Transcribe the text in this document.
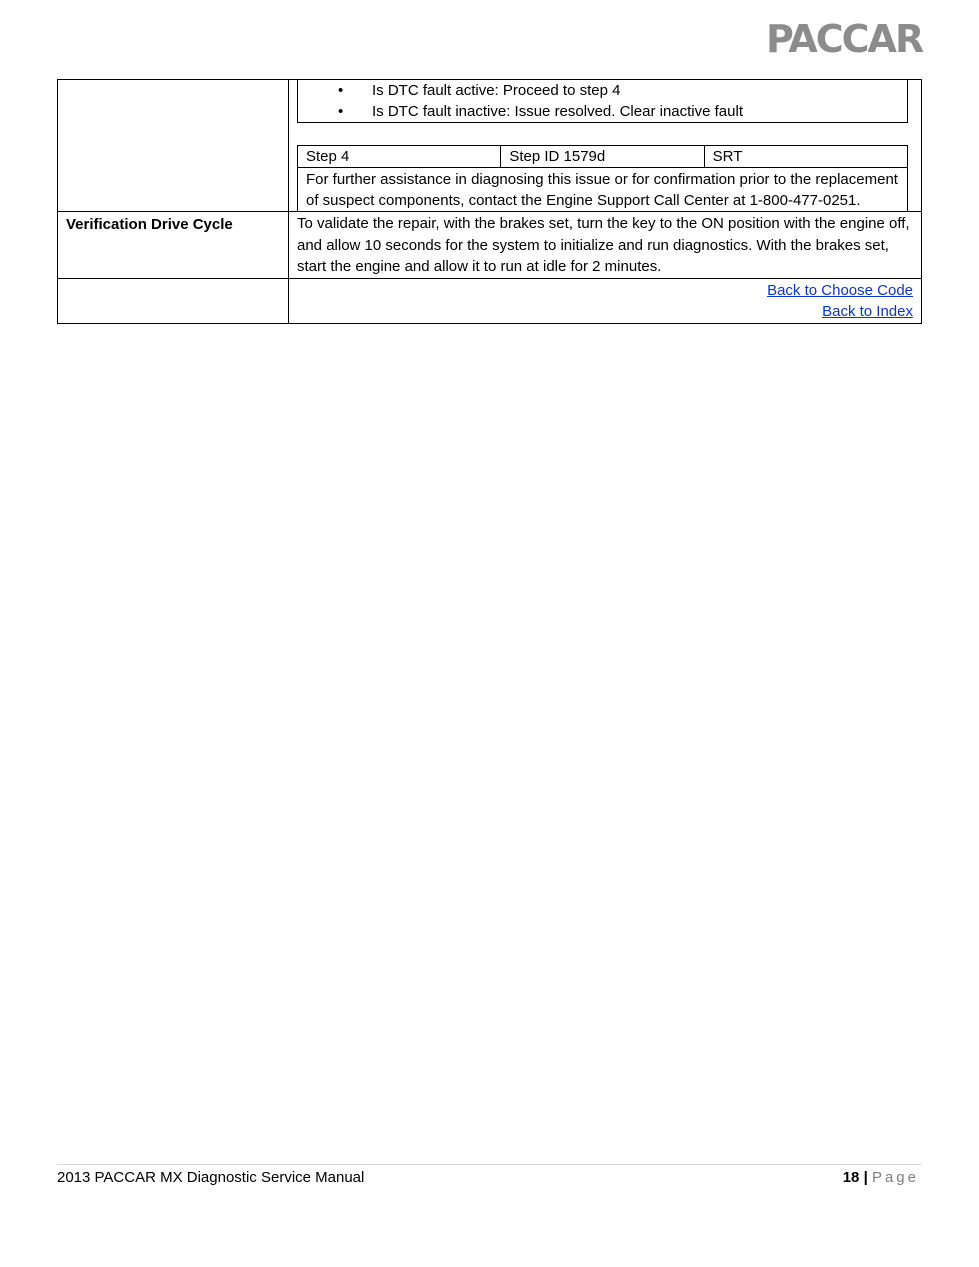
PACCAR

• Is DTC fault active: Proceed to step 4
• Is DTC fault inactive: Issue resolved. Clear inactive fault
Step 4	Step ID 1579d	SRT
For further assistance in diagnosing this issue or for confirmation prior to the replacement of suspect components, contact the Engine Support Call Center at 1-800-477-0251.

Verification Drive Cycle	To validate the repair, with the brakes set, turn the key to the ON position with the engine off, and allow 10 seconds for the system to initialize and run diagnostics. With the brakes set, start the engine and allow it to run at idle for 2 minutes.

Back to Choose Code
Back to Index
2013 PACCAR MX Diagnostic Service Manual	18 | Page
